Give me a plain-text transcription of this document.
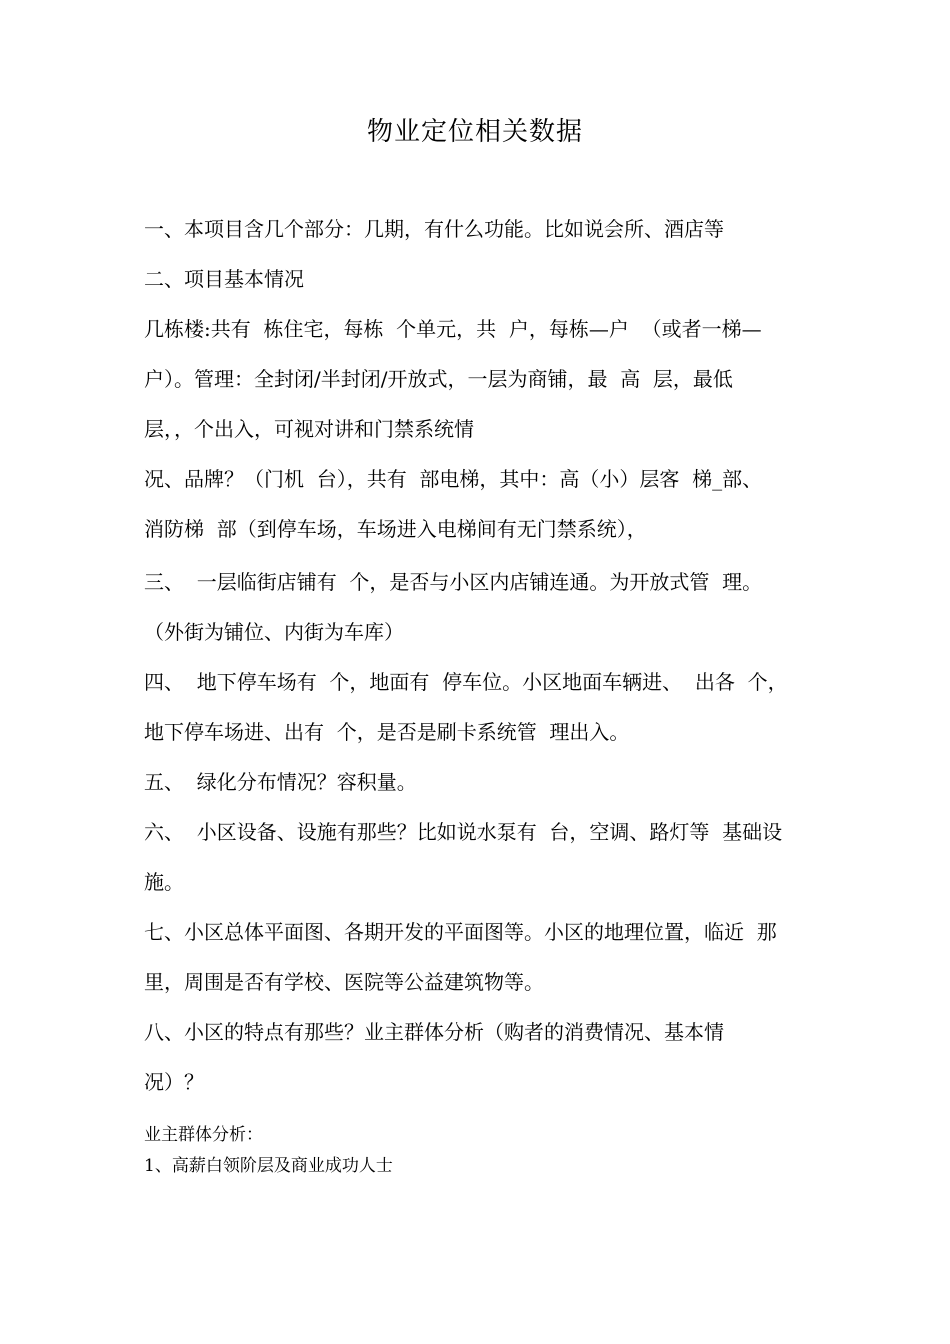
物业定位相关数据
一、本项目含几个部分：几期，有什么功能。比如说会所、酒店等
二、项目基本情况
几栋楼:共有  栋住宅，每栋  个单元，共  户，每栋—户  （或者一梯—
户）。管理：全封闭/半封闭/开放式，一层为商铺，最  高  层，最低
层，，个出入，可视对讲和门禁系统情
况、品牌？（门机  台），共有  部电梯，其中：高（小）层客  梯_部、
消防梯  部（到停车场，车场进入电梯间有无门禁系统），
三、  一层临街店铺有  个，是否与小区内店铺连通。为开放式管  理。
（外街为铺位、内街为车库）
四、  地下停车场有  个，地面有  停车位。小区地面车辆进、  出各  个，
地下停车场进、出有  个，是否是刷卡系统管  理出入。
五、  绿化分布情况？容积量。
六、  小区设备、设施有那些？比如说水泵有  台，空调、路灯等  基础设
施。
七、小区总体平面图、各期开发的平面图等。小区的地理位置，临近  那
里，周围是否有学校、医院等公益建筑物等。
八、小区的特点有那些？业主群体分析（购者的消费情况、基本情
况）？
业主群体分析：
1、高薪白领阶层及商业成功人士
